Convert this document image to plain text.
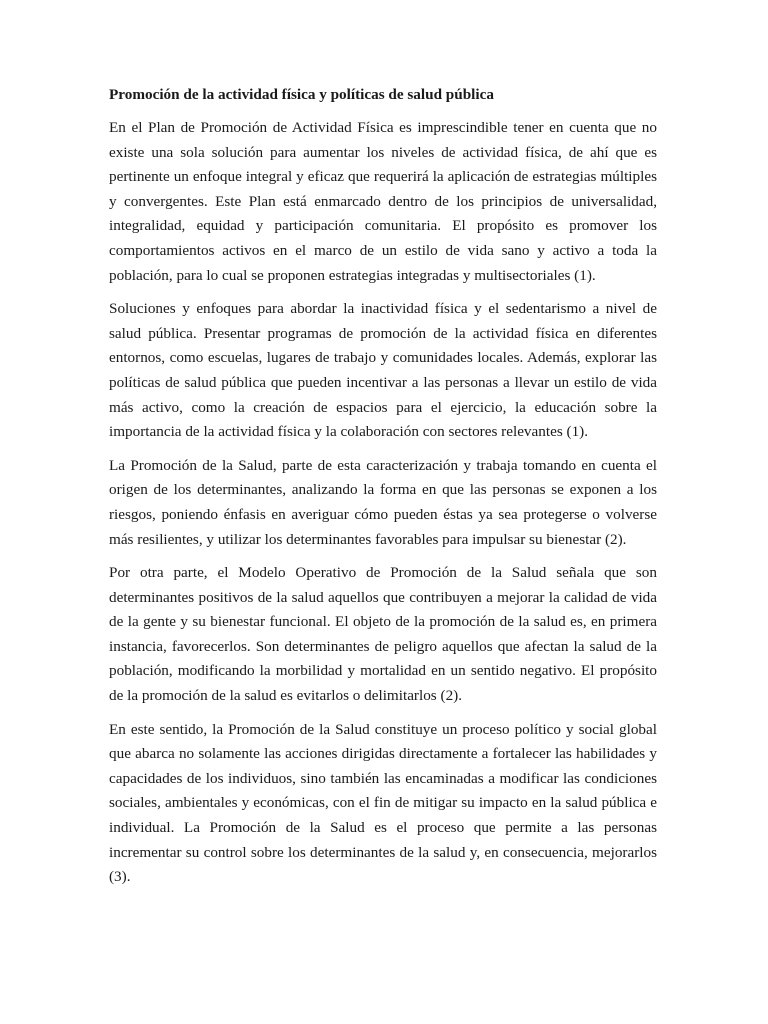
Promoción de la actividad física y políticas de salud pública

En el Plan de Promoción de Actividad Física es imprescindible tener en cuenta que no existe una sola solución para aumentar los niveles de actividad física, de ahí que es pertinente un enfoque integral y eficaz que requerirá la aplicación de estrategias múltiples y convergentes. Este Plan está enmarcado dentro de los principios de universalidad, integralidad, equidad y participación comunitaria. El propósito es promover los comportamientos activos en el marco de un estilo de vida sano y activo a toda la población, para lo cual se proponen estrategias integradas y multisectoriales (1).

Soluciones y enfoques para abordar la inactividad física y el sedentarismo a nivel de salud pública. Presentar programas de promoción de la actividad física en diferentes entornos, como escuelas, lugares de trabajo y comunidades locales. Además, explorar las políticas de salud pública que pueden incentivar a las personas a llevar un estilo de vida más activo, como la creación de espacios para el ejercicio, la educación sobre la importancia de la actividad física y la colaboración con sectores relevantes (1).

La Promoción de la Salud, parte de esta caracterización y trabaja tomando en cuenta el origen de los determinantes, analizando la forma en que las personas se exponen a los riesgos, poniendo énfasis en averiguar cómo pueden éstas ya sea protegerse o volverse más resilientes, y utilizar los determinantes favorables para impulsar su bienestar (2).

Por otra parte, el Modelo Operativo de Promoción de la Salud señala que son determinantes positivos de la salud aquellos que contribuyen a mejorar la calidad de vida de la gente y su bienestar funcional. El objeto de la promoción de la salud es, en primera instancia, favorecerlos. Son determinantes de peligro aquellos que afectan la salud de la población, modificando la morbilidad y mortalidad en un sentido negativo. El propósito de la promoción de la salud es evitarlos o delimitarlos (2).

En este sentido, la Promoción de la Salud constituye un proceso político y social global que abarca no solamente las acciones dirigidas directamente a fortalecer las habilidades y capacidades de los individuos, sino también las encaminadas a modificar las condiciones sociales, ambientales y económicas, con el fin de mitigar su impacto en la salud pública e individual. La Promoción de la Salud es el proceso que permite a las personas incrementar su control sobre los determinantes de la salud y, en consecuencia, mejorarlos (3).
